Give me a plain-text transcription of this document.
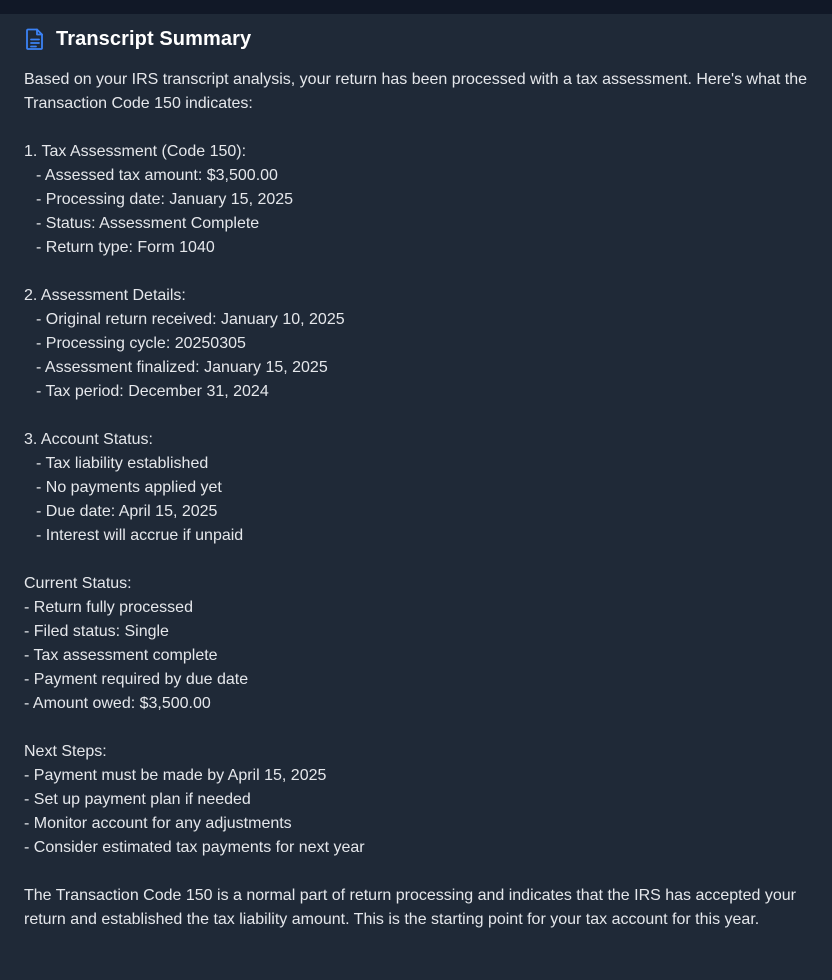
Transcript Summary

Based on your IRS transcript analysis, your return has been processed with a tax assessment. Here's what the Transaction Code 150 indicates:

1. Tax Assessment (Code 150):

- Assessed tax amount: $3,500.00

- Processing date: January 15, 2025

- Status: Assessment Complete

- Return type: Form 1040

2. Assessment Details:

- Original return received: January 10, 2025

- Processing cycle: 20250305

- Assessment finalized: January 15, 2025

- Tax period: December 31, 2024

3. Account Status:

- Tax liability established

- No payments applied yet

- Due date: April 15, 2025

- Interest will accrue if unpaid

Current Status:

- Return fully processed

- Filed status: Single

- Tax assessment complete

- Payment required by due date

- Amount owed: $3,500.00

Next Steps:

- Payment must be made by April 15, 2025

- Set up payment plan if needed

- Monitor account for any adjustments

- Consider estimated tax payments for next year

The Transaction Code 150 is a normal part of return processing and indicates that the IRS has accepted your return and established the tax liability amount. This is the starting point for your tax account for this year.
